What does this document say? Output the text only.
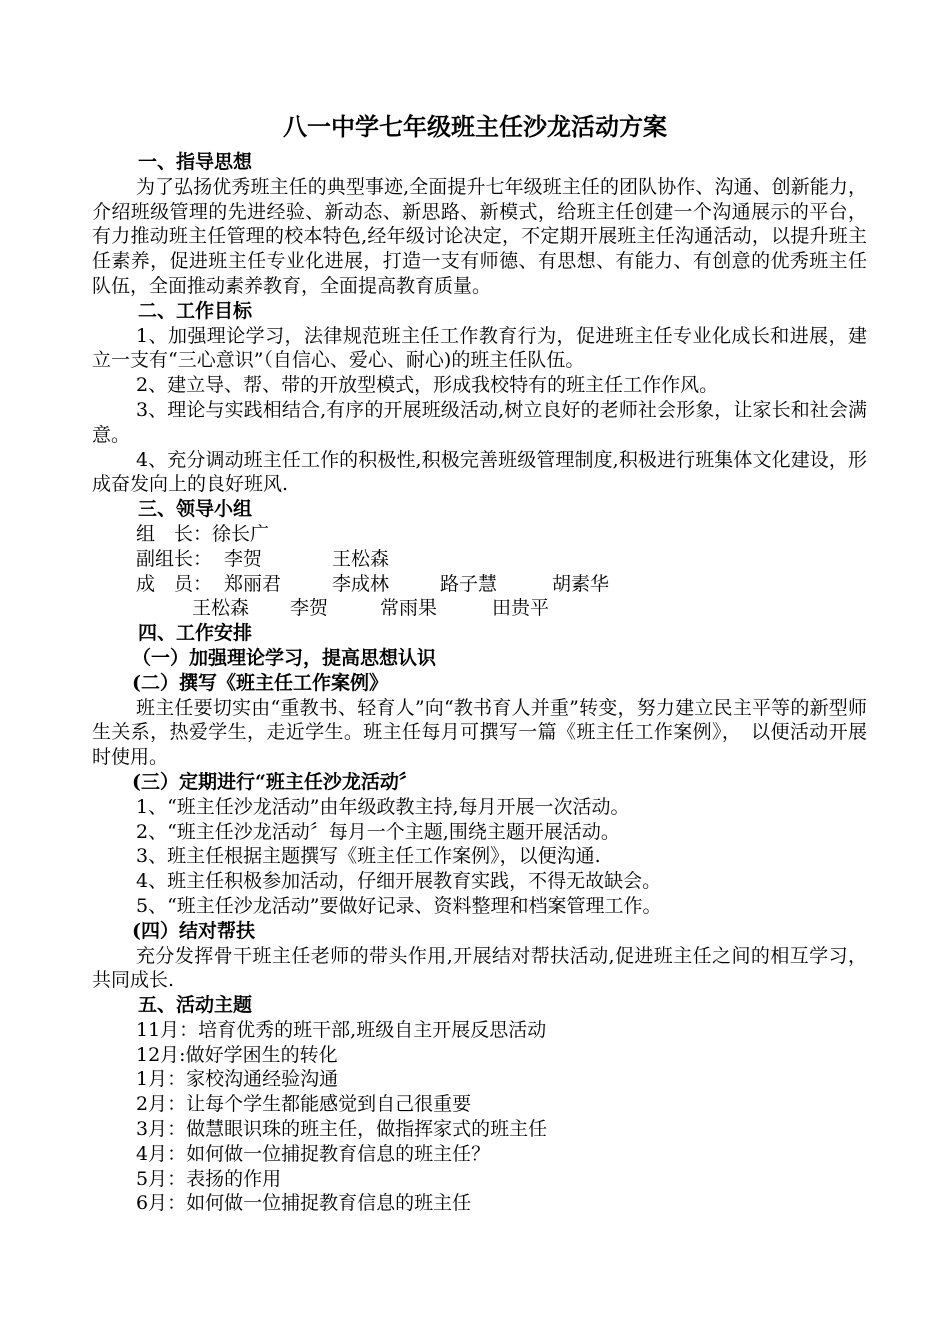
八一中学七年级班主任沙龙活动方案

一、指导思想

为了弘扬优秀班主任的典型事迹,全面提升七年级班主任的团队协作、沟通、创新能力，介绍班级管理的先进经验、新动态、新思路、新模式，给班主任创建一个沟通展示的平台，有力推动班主任管理的校本特色,经年级讨论决定，不定期开展班主任沟通活动，以提升班主任素养，促进班主任专业化进展，打造一支有师德、有思想、有能力、有创意的优秀班主任队伍，全面推动素养教育，全面提高教育质量。

二、工作目标

1、加强理论学习，法律规范班主任工作教育行为，促进班主任专业化成长和进展，建立一支有“三心意识”（自信心、爱心、耐心)的班主任队伍。

2、建立导、帮、带的开放型模式，形成我校特有的班主任工作作风。

3、理论与实践相结合,有序的开展班级活动,树立良好的老师社会形象，让家长和社会满意。

4、充分调动班主任工作的积极性,积极完善班级管理制度,积极进行班集体文化建设，形成奋发向上的良好班风.

三、领导小组

组　长：徐长广

副组长： 李贺	王松森

成　员： 郑丽君	李成林	路子慧	胡素华

王松森 李贺	常雨果	田贵平

四、工作安排

（一）加强理论学习，提高思想认识

(二）撰写《班主任工作案例》

班主任要切实由“重教书、轻育人”向“教书育人并重”转变，努力建立民主平等的新型师生关系，热爱学生，走近学生。班主任每月可撰写一篇《班主任工作案例》，　以便活动开展时使用。

(三）定期进行“班主任沙龙活动〞

1、“班主任沙龙活动”由年级政教主持,每月开展一次活动。

2、“班主任沙龙活动〞每月一个主题,围绕主题开展活动。

3、班主任根据主题撰写《班主任工作案例》，以便沟通.

4、班主任积极参加活动，仔细开展教育实践，不得无故缺会。

5、“班主任沙龙活动”要做好记录、资料整理和档案管理工作。

(四）结对帮扶

充分发挥骨干班主任老师的带头作用,开展结对帮扶活动,促进班主任之间的相互学习，共同成长.

五、活动主题

11月：培育优秀的班干部,班级自主开展反思活动

12月:做好学困生的转化

1月：家校沟通经验沟通

2月：让每个学生都能感觉到自己很重要

3月：做慧眼识珠的班主任，做指挥家式的班主任

4月：如何做一位捕捉教育信息的班主任？

5月：表扬的作用

6月：如何做一位捕捉教育信息的班主任
